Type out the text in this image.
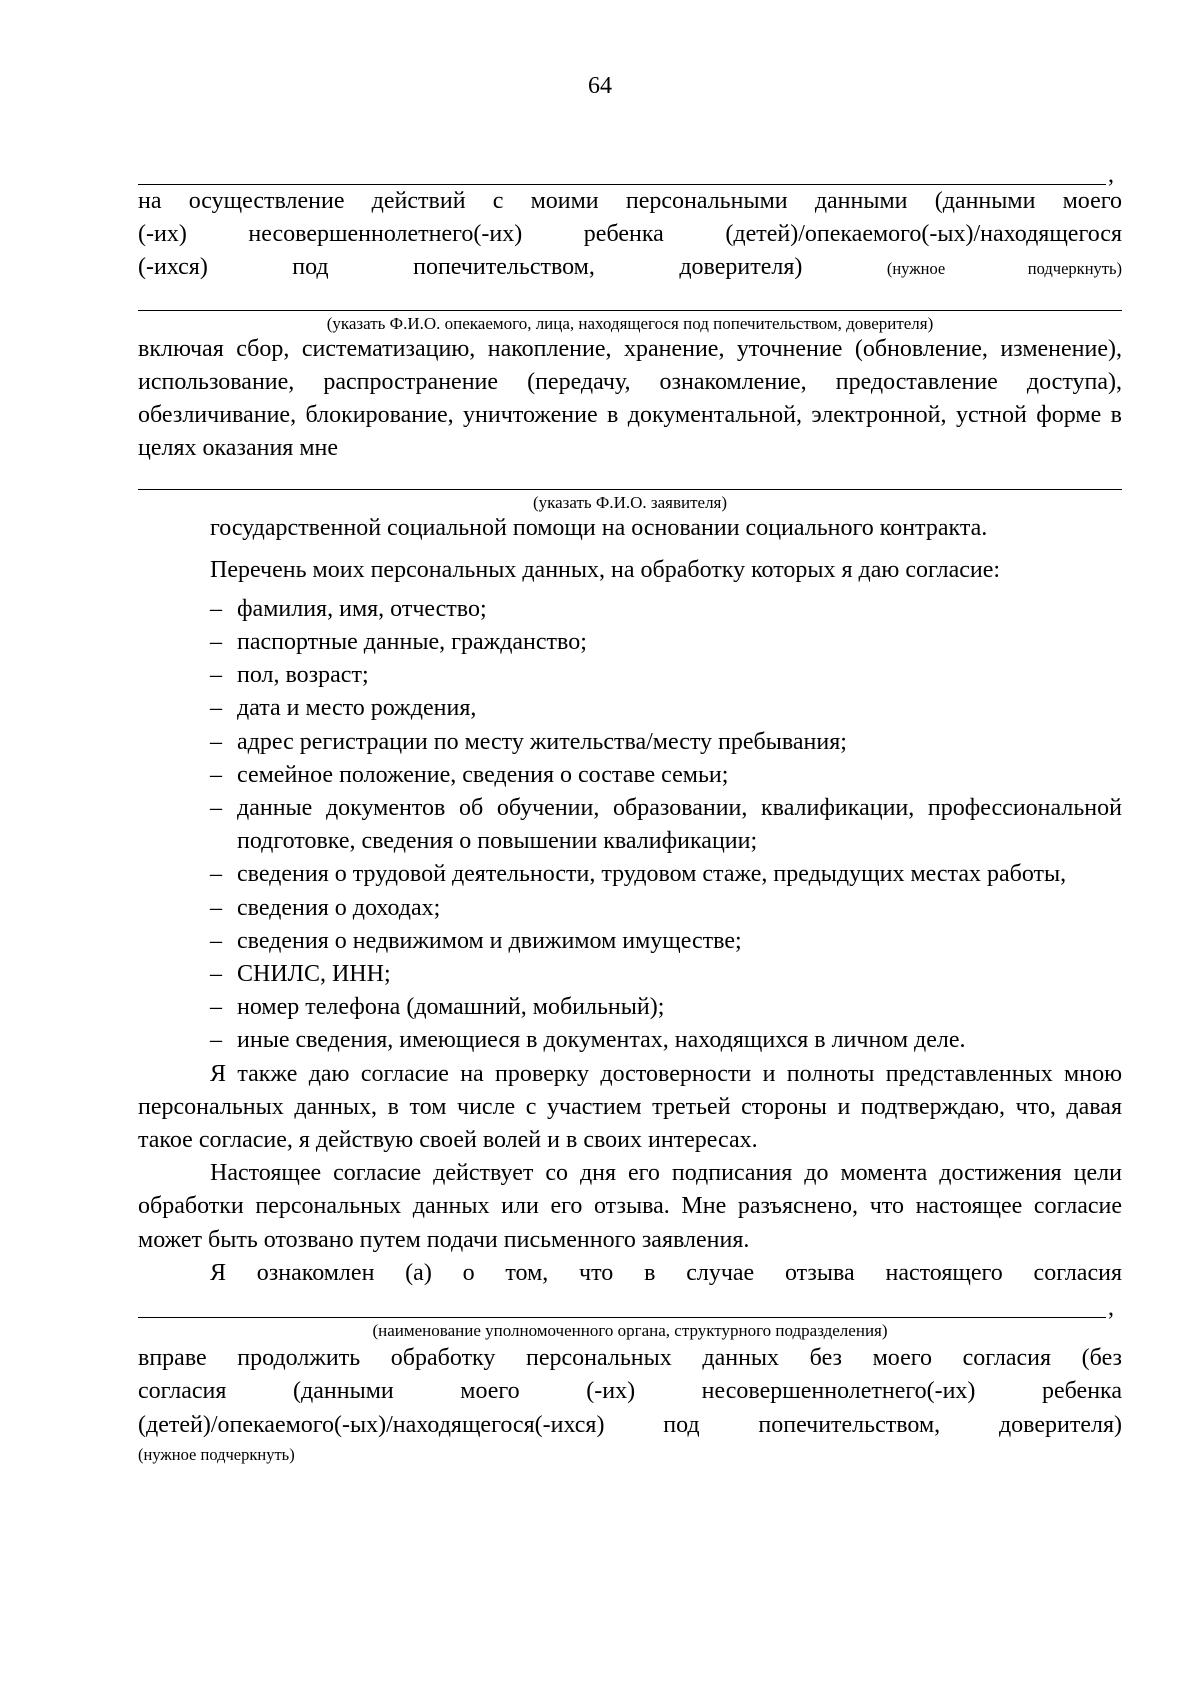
64
,

на осуществление действий с моими персональными данными (данными моего

(-их) несовершеннолетнего(-их) ребенка (детей)/опекаемого(-ых)/находящегося

(-ихся) под попечительством, доверителя)	(нужное подчеркнуть)

(указать Ф.И.О. опекаемого, лица, находящегося под попечительством, доверителя)

включая сбор, систематизацию, накопление, хранение, уточнение (обновление, изменение), использование, распространение (передачу, ознакомление, предоставление доступа), обезличивание, блокирование, уничтожение в документальной, электронной, устной форме в целях оказания мне

(указать Ф.И.О. заявителя)

государственной социальной помощи на основании социального контракта.

Перечень моих персональных данных, на обработку которых я даю согласие:

– фамилия, имя, отчество;
– паспортные данные, гражданство;
– пол, возраст;
– дата и место рождения,
– адрес регистрации по месту жительства/месту пребывания;
– семейное положение, сведения о составе семьи;
– данные документов об обучении, образовании, квалификации, профессиональной подготовке, сведения о повышении квалификации;
– сведения о трудовой деятельности, трудовом стаже, предыдущих местах работы,
– сведения о доходах;
– сведения о недвижимом и движимом имуществе;
– СНИЛС, ИНН;
– номер телефона (домашний, мобильный);
– иные сведения, имеющиеся в документах, находящихся в личном деле.

Я также даю согласие на проверку достоверности и полноты представленных мною персональных данных, в том числе с участием третьей стороны и подтверждаю, что, давая такое согласие, я действую своей волей и в своих интересах.

Настоящее согласие действует со дня его подписания до момента достижения цели обработки персональных данных или его отзыва. Мне разъяснено, что настоящее согласие может быть отозвано путем подачи письменного заявления.

Я ознакомлен (а) о том, что в случае отзыва настоящего согласия

,
(наименование уполномоченного органа, структурного подразделения)

вправе продолжить обработку персональных данных без моего согласия (без

согласия (данными моего (-их) несовершеннолетнего(-их) ребенка

(детей)/опекаемого(-ых)/находящегося(-ихся) под попечительством, доверителя)

(нужное подчеркнуть)
